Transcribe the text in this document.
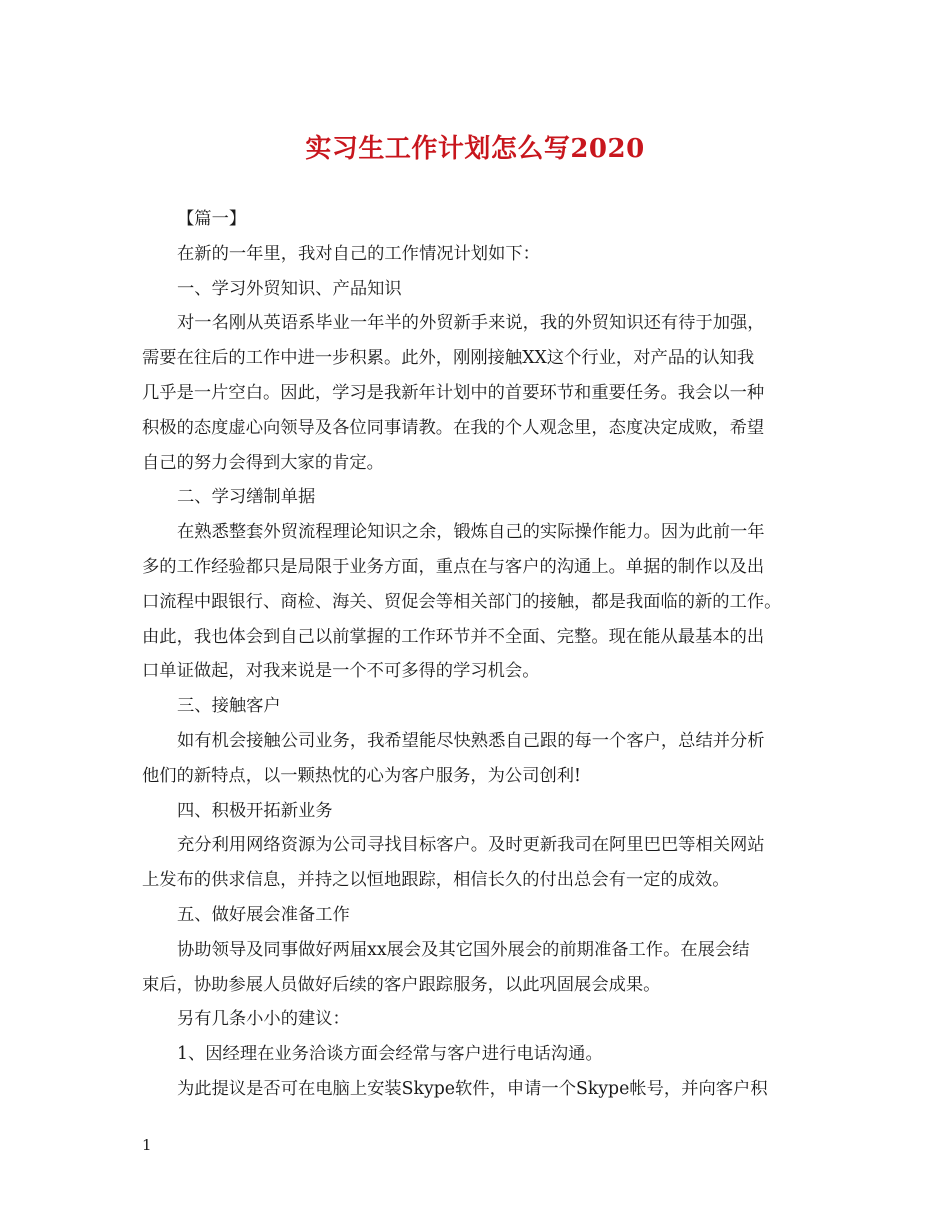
实习生工作计划怎么写2020
【篇一】
在新的一年里，我对自己的工作情况计划如下：
一、学习外贸知识、产品知识
对一名刚从英语系毕业一年半的外贸新手来说，我的外贸知识还有待于加强，
需要在往后的工作中进一步积累。此外，刚刚接触XX这个行业，对产品的认知我
几乎是一片空白。因此，学习是我新年计划中的首要环节和重要任务。我会以一种
积极的态度虚心向领导及各位同事请教。在我的个人观念里，态度决定成败，希望
自己的努力会得到大家的肯定。
二、学习缮制单据
在熟悉整套外贸流程理论知识之余，锻炼自己的实际操作能力。因为此前一年
多的工作经验都只是局限于业务方面，重点在与客户的沟通上。单据的制作以及出
口流程中跟银行、商检、海关、贸促会等相关部门的接触，都是我面临的新的工作。
由此，我也体会到自己以前掌握的工作环节并不全面、完整。现在能从最基本的出
口单证做起，对我来说是一个不可多得的学习机会。
三、接触客户
如有机会接触公司业务，我希望能尽快熟悉自己跟的每一个客户，总结并分析
他们的新特点，以一颗热忱的心为客户服务，为公司创利!
四、积极开拓新业务
充分利用网络资源为公司寻找目标客户。及时更新我司在阿里巴巴等相关网站
上发布的供求信息，并持之以恒地跟踪，相信长久的付出总会有一定的成效。
五、做好展会准备工作
协助领导及同事做好两届xx展会及其它国外展会的前期准备工作。在展会结
束后，协助参展人员做好后续的客户跟踪服务，以此巩固展会成果。
另有几条小小的建议：
1、因经理在业务洽谈方面会经常与客户进行电话沟通。
为此提议是否可在电脑上安装Skype软件，申请一个Skype帐号，并向客户积
1
